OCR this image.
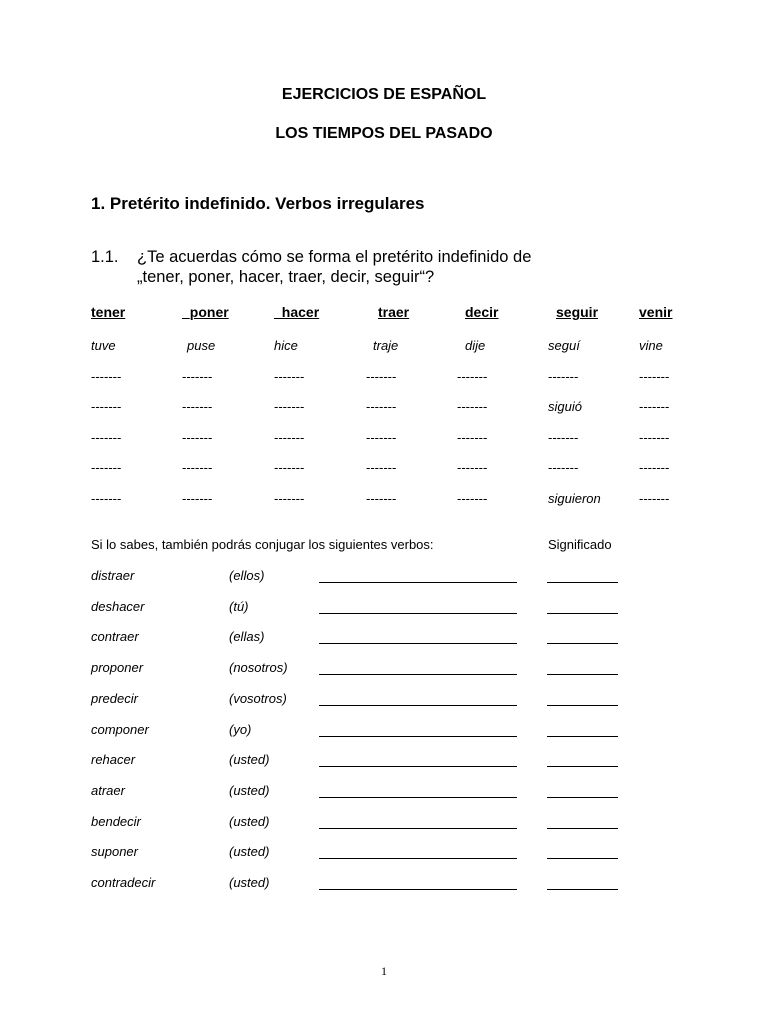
EJERCICIOS DE ESPAÑOL
LOS TIEMPOS DEL PASADO
1. Pretérito indefinido. Verbos irregulares
1.1. ¿Te acuerdas cómo se forma el pretérito indefinido de
„tener, poner, hacer, traer, decir, seguir“?
tener	_poner	_hacer	traer	decir	seguir	venir
tuve	puse	hice	traje	dije	seguí	vine
-------	-------	-------	-------	-------	-------	-------
-------	-------	-------	-------	-------	siguió	-------
-------	-------	-------	-------	-------	-------	-------
-------	-------	-------	-------	-------	-------	-------
-------	-------	-------	-------	-------	siguieron	-------
Si lo sabes, también podrás conjugar los siguientes verbos:	Significado
distraer	(ellos)
deshacer	(tú)
contraer	(ellas)
proponer	(nosotros)
predecir	(vosotros)
componer	(yo)
rehacer	(usted)
atraer	(usted)
bendecir	(usted)
suponer	(usted)
contradecir	(usted)
1
